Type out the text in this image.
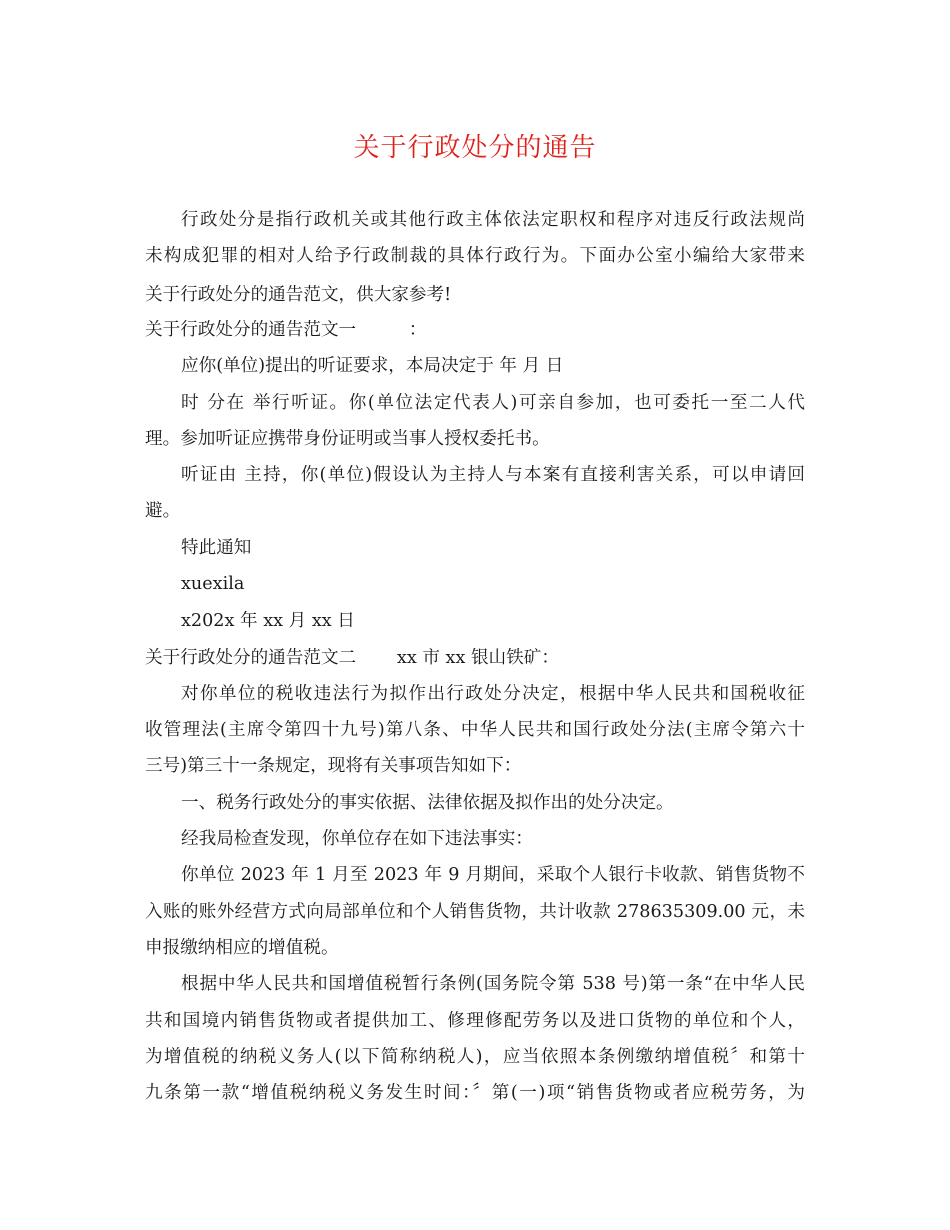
关于行政处分的通告
行政处分是指行政机关或其他行政主体依法定职权和程序对违反行政法规尚
未构成犯罪的相对人给予行政制裁的具体行政行为。下面办公室小编给大家带来
关于行政处分的通告范文，供大家参考!
关于行政处分的通告范文一　　　：
应你(单位)提出的听证要求，本局决定于 年 月 日
时 分在 举行听证。你(单位法定代表人)可亲自参加，也可委托一至二人代
理。参加听证应携带身份证明或当事人授权委托书。
听证由 主持，你(单位)假设认为主持人与本案有直接利害关系，可以申请回
避。
特此通知
xuexila
x202x 年 xx 月 xx 日
关于行政处分的通告范文二　　 xx 市 xx 银山铁矿：
对你单位的税收违法行为拟作出行政处分决定，根据中华人民共和国税收征
收管理法(主席令第四十九号)第八条、中华人民共和国行政处分法(主席令第六十
三号)第三十一条规定，现将有关事项告知如下：
一、税务行政处分的事实依据、法律依据及拟作出的处分决定。
经我局检查发现，你单位存在如下违法事实：
你单位 2023 年 1 月至 2023 年 9 月期间，采取个人银行卡收款、销售货物不
入账的账外经营方式向局部单位和个人销售货物，共计收款 278635309.00 元，未
申报缴纳相应的增值税。
根据中华人民共和国增值税暂行条例(国务院令第 538 号)第一条“在中华人民
共和国境内销售货物或者提供加工、修理修配劳务以及进口货物的单位和个人，
为增值税的纳税义务人(以下简称纳税人)，应当依照本条例缴纳增值税〞和第十
九条第一款“增值税纳税义务发生时间：〞第(一)项“销售货物或者应税劳务，为
